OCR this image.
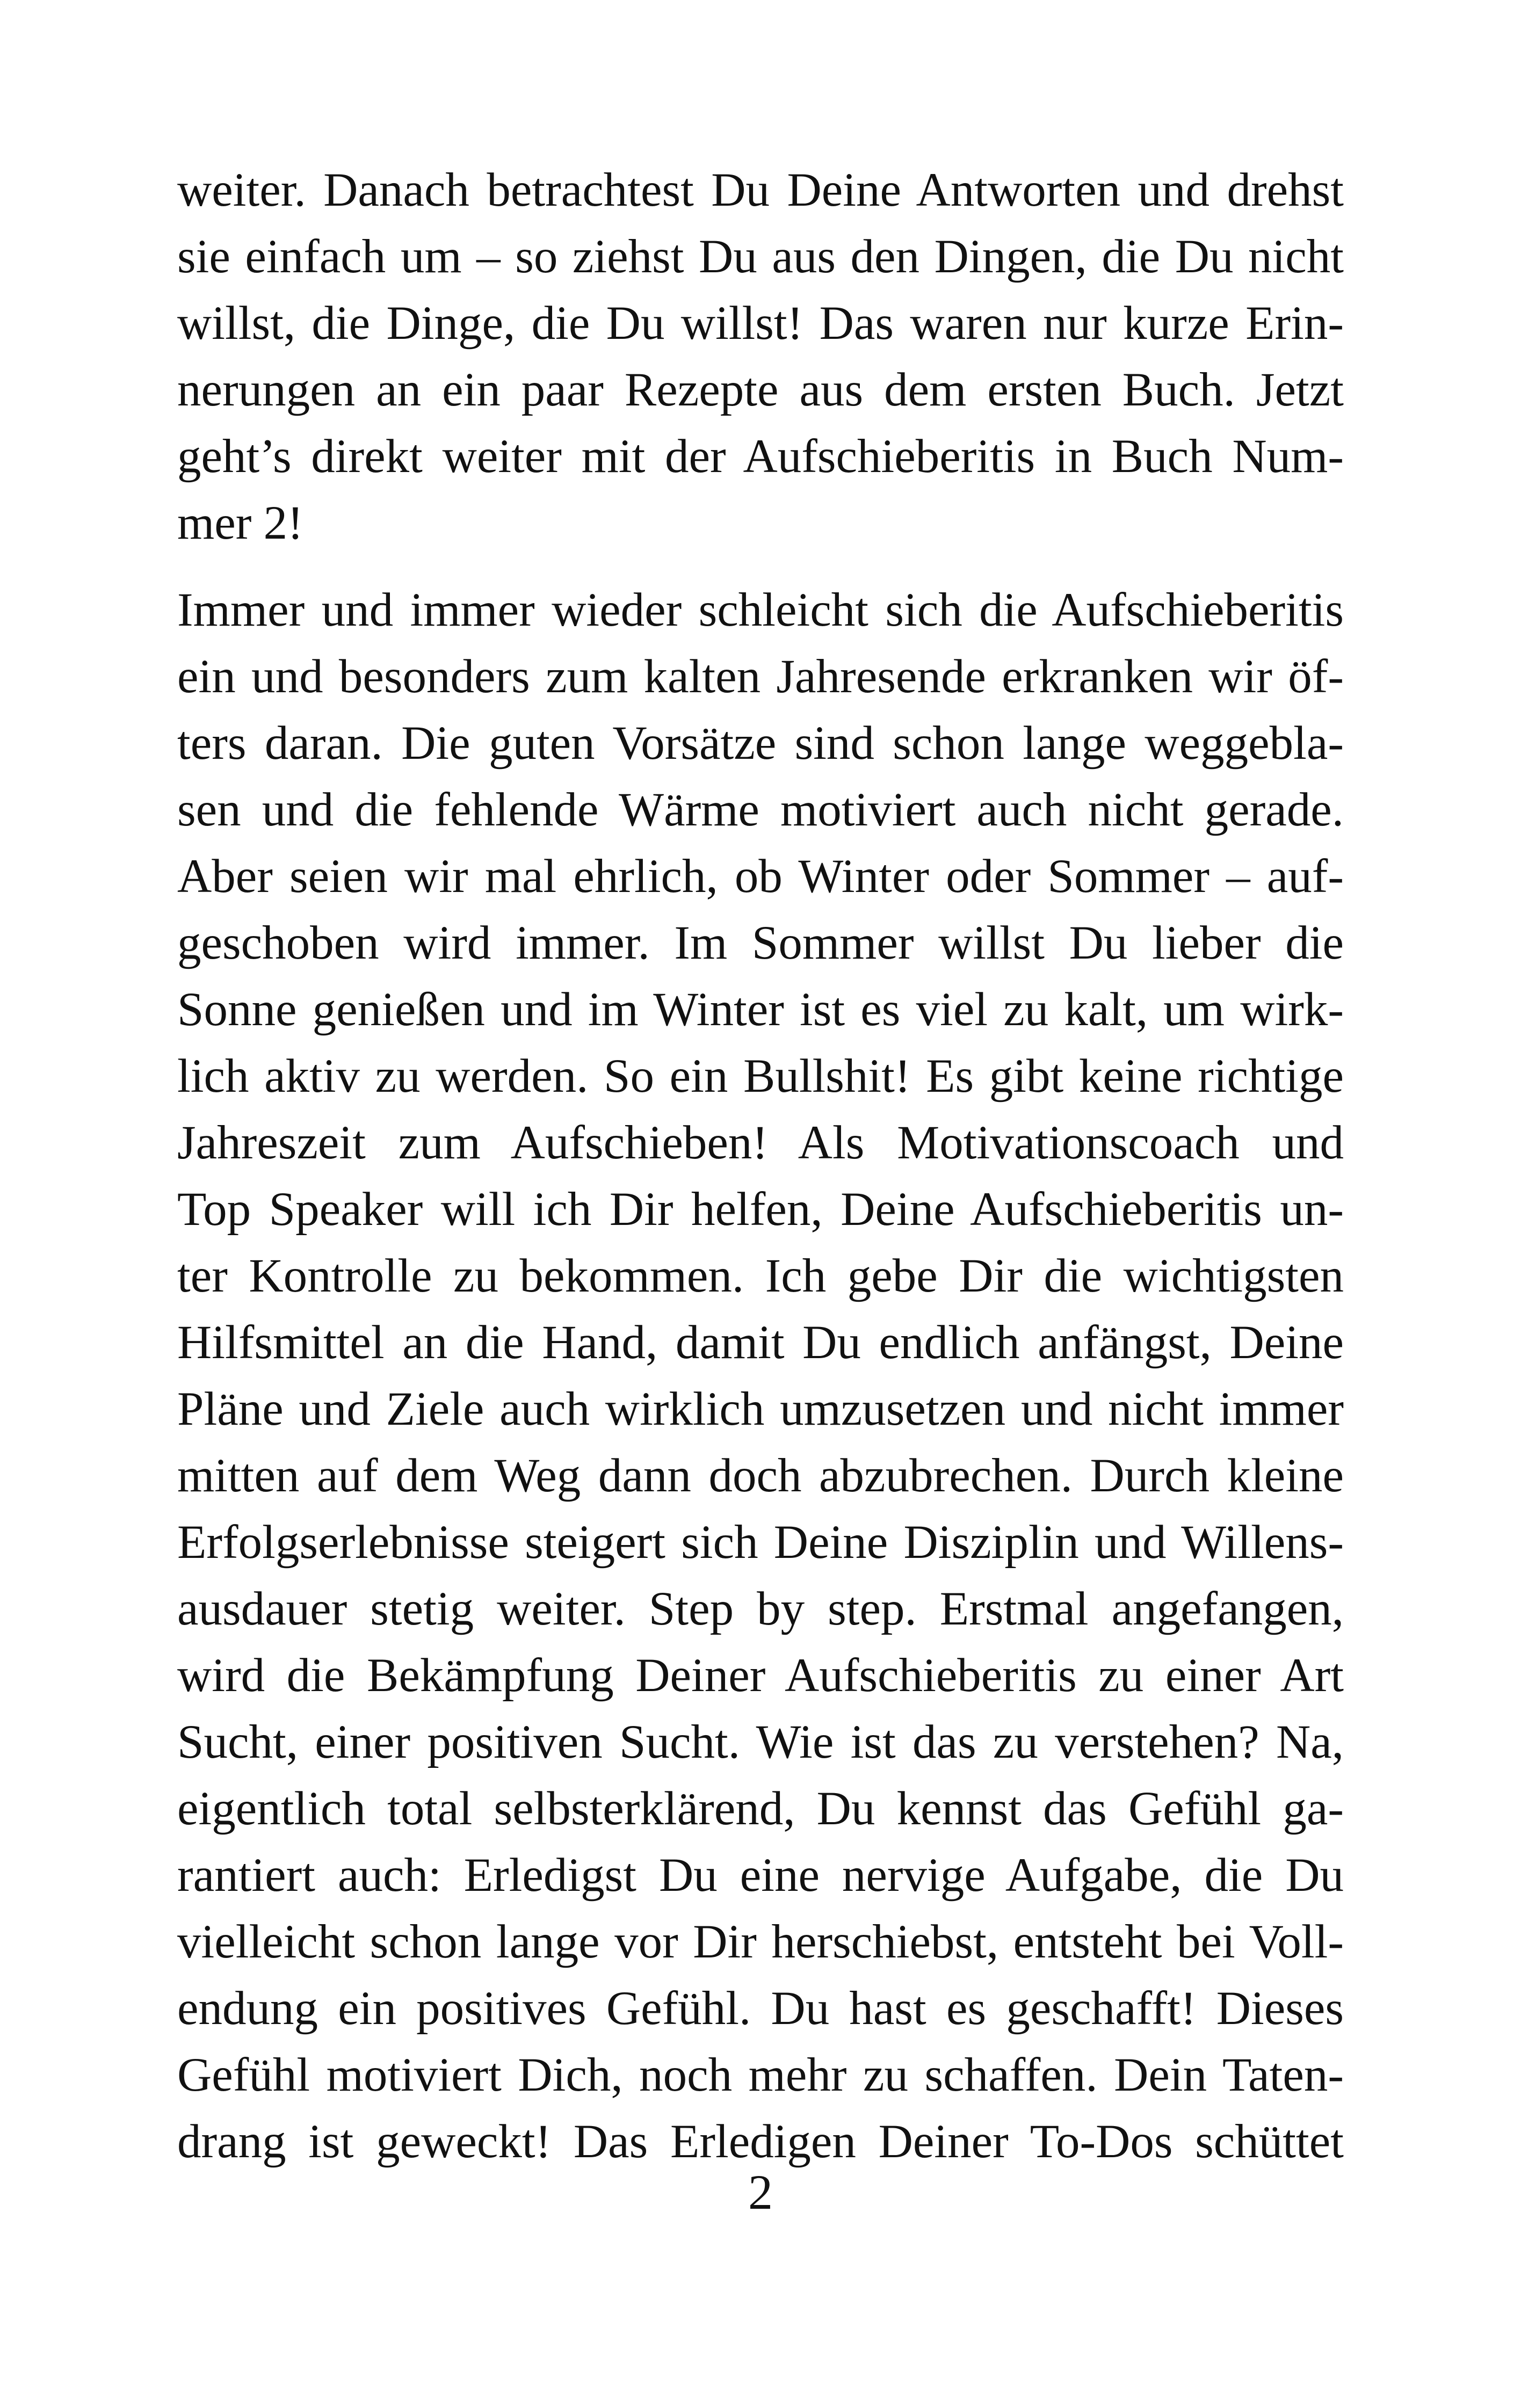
weiter. Danach betrachtest Du Deine Antworten und drehst
sie einfach um – so ziehst Du aus den Dingen, die Du nicht
willst, die Dinge, die Du willst! Das waren nur kurze Erin-
nerungen an ein paar Rezepte aus dem ersten Buch. Jetzt
geht’s direkt weiter mit der Aufschieberitis in Buch Num-
mer 2!
Immer und immer wieder schleicht sich die Aufschieberitis
ein und besonders zum kalten Jahresende erkranken wir öf-
ters daran. Die guten Vorsätze sind schon lange weggebla-
sen und die fehlende Wärme motiviert auch nicht gerade.
Aber seien wir mal ehrlich, ob Winter oder Sommer – auf-
geschoben wird immer. Im Sommer willst Du lieber die
Sonne genießen und im Winter ist es viel zu kalt, um wirk-
lich aktiv zu werden. So ein Bullshit! Es gibt keine richtige
Jahreszeit zum Aufschieben! Als Motivationscoach und
Top Speaker will ich Dir helfen, Deine Aufschieberitis un-
ter Kontrolle zu bekommen. Ich gebe Dir die wichtigsten
Hilfsmittel an die Hand, damit Du endlich anfängst, Deine
Pläne und Ziele auch wirklich umzusetzen und nicht immer
mitten auf dem Weg dann doch abzubrechen. Durch kleine
Erfolgserlebnisse steigert sich Deine Disziplin und Willens-
ausdauer stetig weiter. Step by step. Erstmal angefangen,
wird die Bekämpfung Deiner Aufschieberitis zu einer Art
Sucht, einer positiven Sucht. Wie ist das zu verstehen? Na,
eigentlich total selbsterklärend, Du kennst das Gefühl ga-
rantiert auch: Erledigst Du eine nervige Aufgabe, die Du
vielleicht schon lange vor Dir herschiebst, entsteht bei Voll-
endung ein positives Gefühl. Du hast es geschafft! Dieses
Gefühl motiviert Dich, noch mehr zu schaffen. Dein Taten-
drang ist geweckt! Das Erledigen Deiner To-Dos schüttet
2
